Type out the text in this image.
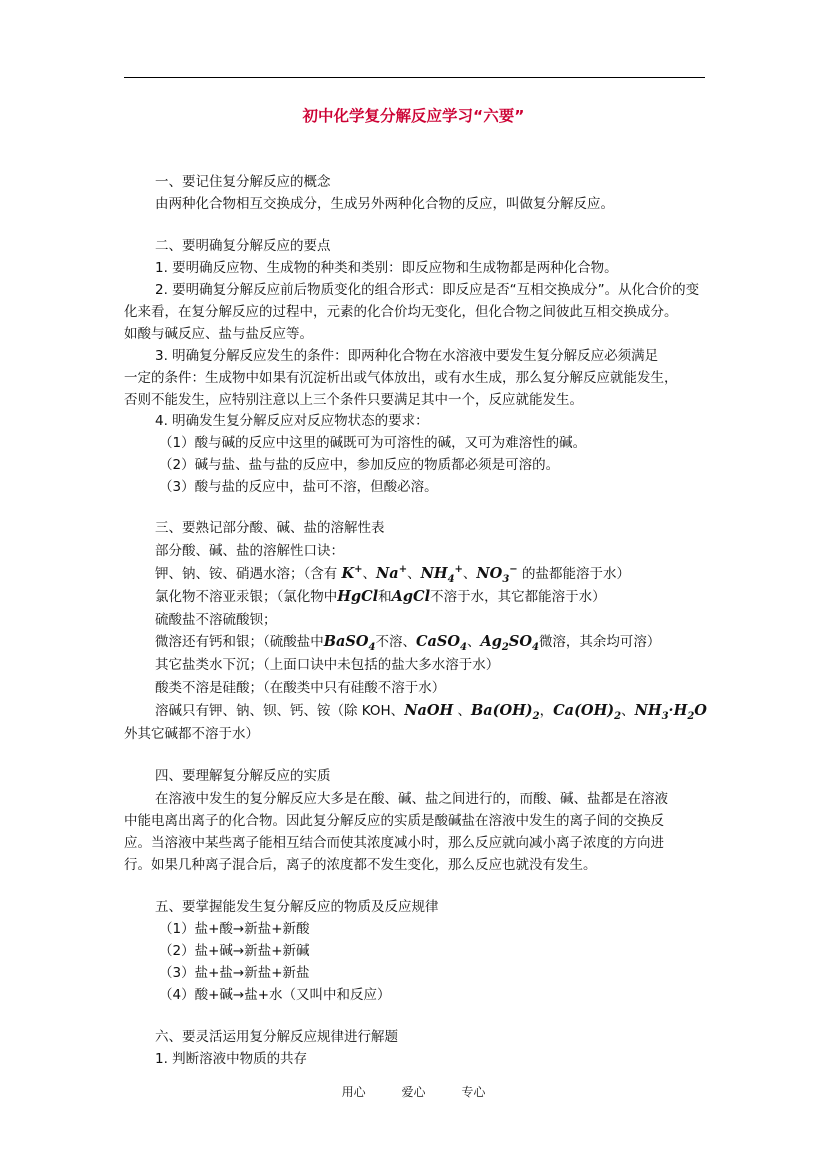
初中化学复分解反应学习“六要”
一、要记住复分解反应的概念
由两种化合物相互交换成分，生成另外两种化合物的反应，叫做复分解反应。
二、要明确复分解反应的要点
1. 要明确反应物、生成物的种类和类别：即反应物和生成物都是两种化合物。
2. 要明确复分解反应前后物质变化的组合形式：即反应是否“互相交换成分”。从化合价的变
化来看，在复分解反应的过程中，元素的化合价均无变化，但化合物之间彼此互相交换成分。
如酸与碱反应、盐与盐反应等。
3. 明确复分解反应发生的条件：即两种化合物在水溶液中要发生复分解反应必须满足
一定的条件：生成物中如果有沉淀析出或气体放出，或有水生成，那么复分解反应就能发生，
否则不能发生，应特别注意以上三个条件只要满足其中一个，反应就能发生。
4. 明确发生复分解反应对反应物状态的要求：
（1）酸与碱的反应中这里的碱既可为可溶性的碱，又可为难溶性的碱。
（2）碱与盐、盐与盐的反应中，参加反应的物质都必须是可溶的。
（3）酸与盐的反应中，盐可不溶，但酸必溶。
三、要熟记部分酸、碱、盐的溶解性表
部分酸、碱、盐的溶解性口诀：
钾、钠、铵、硝遇水溶；（含有 K+、Na+、$NH_4^+$、$NO_3^-$ 的盐都能溶于水）
氯化物不溶亚汞银；（氯化物中HgCl和AgCl不溶于水，其它都能溶于水）
硫酸盐不溶硫酸钡；
微溶还有钙和银；（硫酸盐中BaSO$_4$不溶、CaSO$_4$、$Ag_2SO_4$微溶，其余均可溶）
其它盐类水下沉；（上面口诀中未包括的盐大多水溶于水）
酸类不溶是硅酸；（在酸类中只有硅酸不溶于水）
溶碱只有钾、钠、钡、钙、铵（除 KOH、NaOH 、$Ba(OH)_2$，$Ca(OH)_2$、$NH_3\cdot H_2O$
外其它碱都不溶于水）
四、要理解复分解反应的实质
在溶液中发生的复分解反应大多是在酸、碱、盐之间进行的，而酸、碱、盐都是在溶液
中能电离出离子的化合物。因此复分解反应的实质是酸碱盐在溶液中发生的离子间的交换反
应。当溶液中某些离子能相互结合而使其浓度减小时，那么反应就向减小离子浓度的方向进
行。如果几种离子混合后，离子的浓度都不发生变化，那么反应也就没有发生。
五、要掌握能发生复分解反应的物质及反应规律
（1）盐+酸→新盐+新酸
（2）盐+碱→新盐+新碱
（3）盐+盐→新盐+新盐
（4）酸+碱→盐+水（又叫中和反应）
六、要灵活运用复分解反应规律进行解题
1. 判断溶液中物质的共存
用心	爱心	专心
